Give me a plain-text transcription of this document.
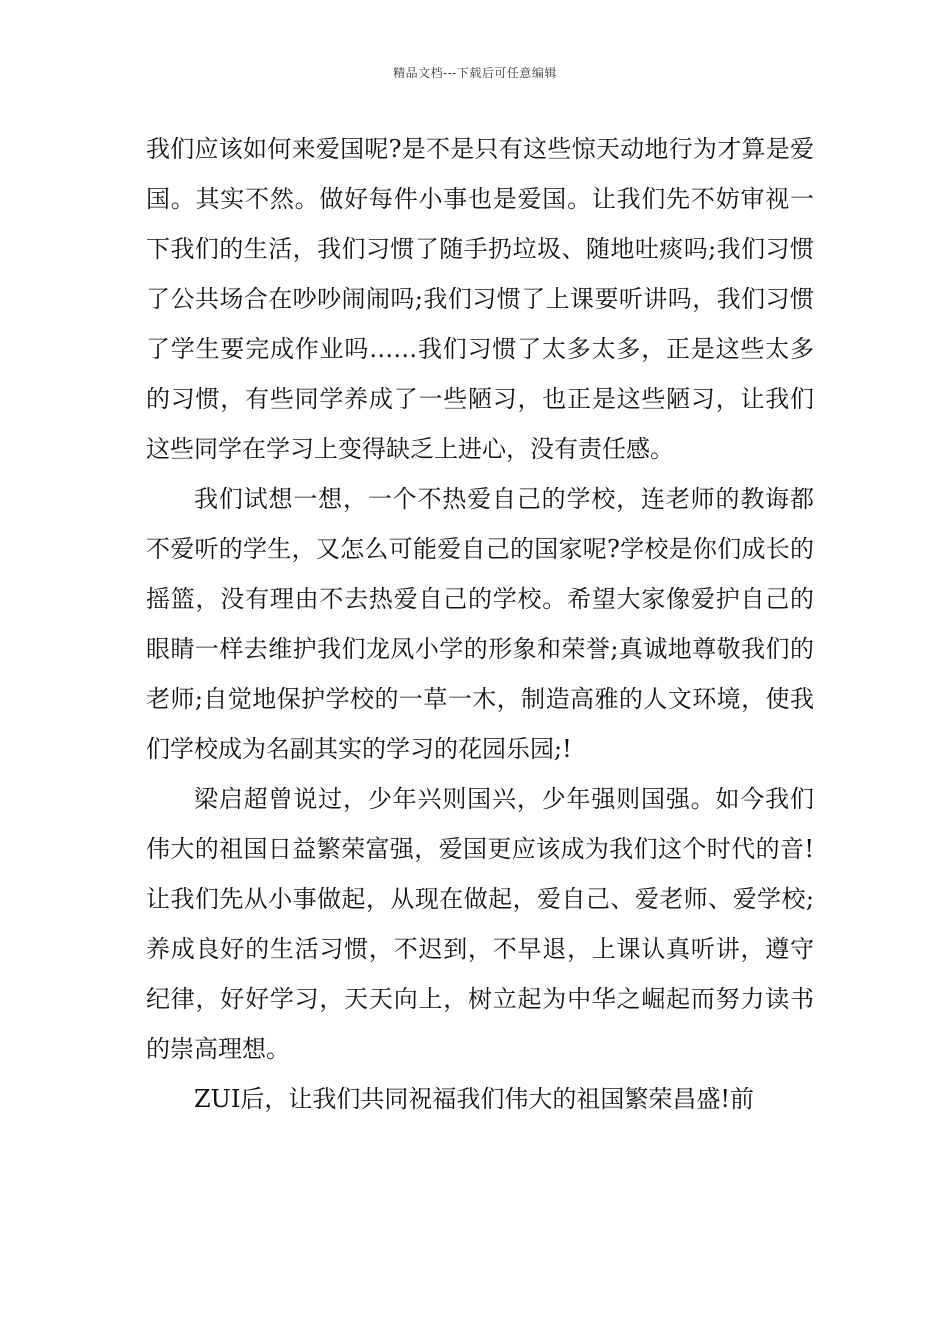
精品文档---下载后可任意编辑

我们应该如何来爱国呢?是不是只有这些惊天动地行为才算是爱国。其实不然。做好每件小事也是爱国。让我们先不妨审视一下我们的生活，我们习惯了随手扔垃圾、随地吐痰吗;我们习惯了公共场合在吵吵闹闹吗;我们习惯了上课要听讲吗，我们习惯了学生要完成作业吗……我们习惯了太多太多，正是这些太多的习惯，有些同学养成了一些陋习，也正是这些陋习，让我们这些同学在学习上变得缺乏上进心，没有责任感。

我们试想一想，一个不热爱自己的学校，连老师的教诲都不爱听的学生，又怎么可能爱自己的国家呢?学校是你们成长的摇篮，没有理由不去热爱自己的学校。希望大家像爱护自己的眼睛一样去维护我们龙凤小学的形象和荣誉;真诚地尊敬我们的老师;自觉地保护学校的一草一木，制造高雅的人文环境，使我们学校成为名副其实的学习的花园乐园;!

梁启超曾说过，少年兴则国兴，少年强则国强。如今我们伟大的祖国日益繁荣富强，爱国更应该成为我们这个时代的音!让我们先从小事做起，从现在做起，爱自己、爱老师、爱学校;养成良好的生活习惯，不迟到，不早退，上课认真听讲，遵守纪律，好好学习，天天向上，树立起为中华之崛起而努力读书的崇高理想。

ZUI后，让我们共同祝福我们伟大的祖国繁荣昌盛!前
